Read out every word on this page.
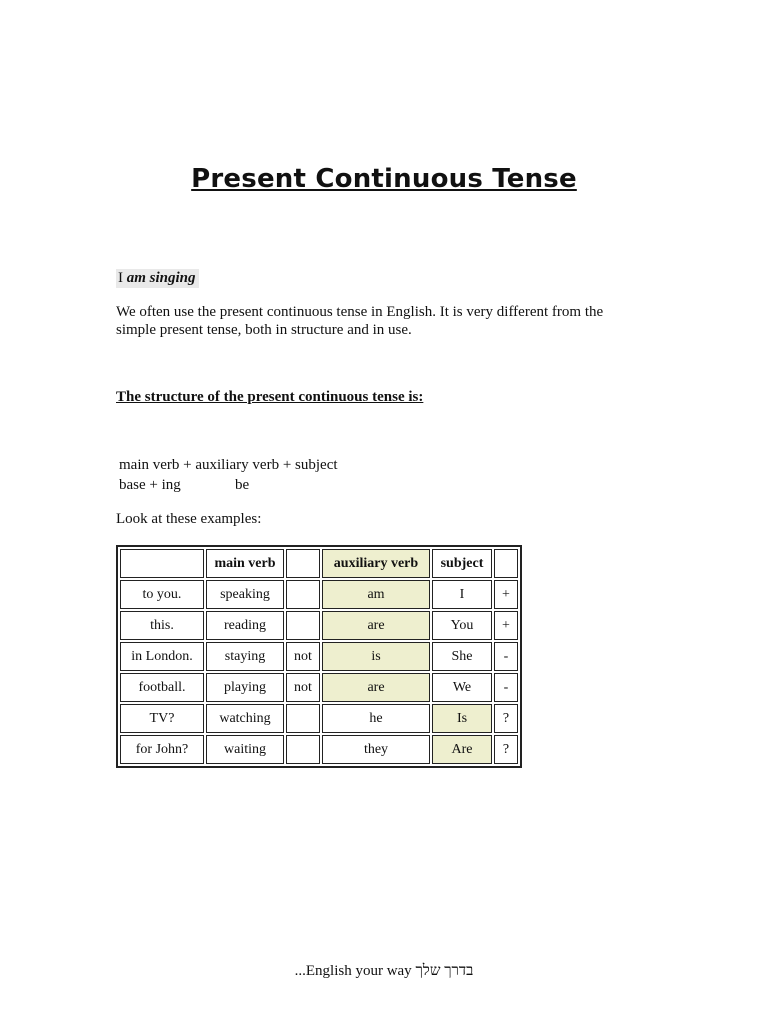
Present Continuous Tense
I am singing
We often use the present continuous tense in English. It is very different from the simple present tense, both in structure and in use.
The structure of the present continuous tense is:
main verb + auxiliary verb + subject
base + ing	be
Look at these examples:
	main verb		auxiliary verb	subject	
to you.	speaking		am	I	+
this.	reading		are	You	+
in London.	staying	not	is	She	-
football.	playing	not	are	We	-
TV?	watching		he	Is	?
for John?	waiting		they	Are	?
...English your way בדרך שלך
